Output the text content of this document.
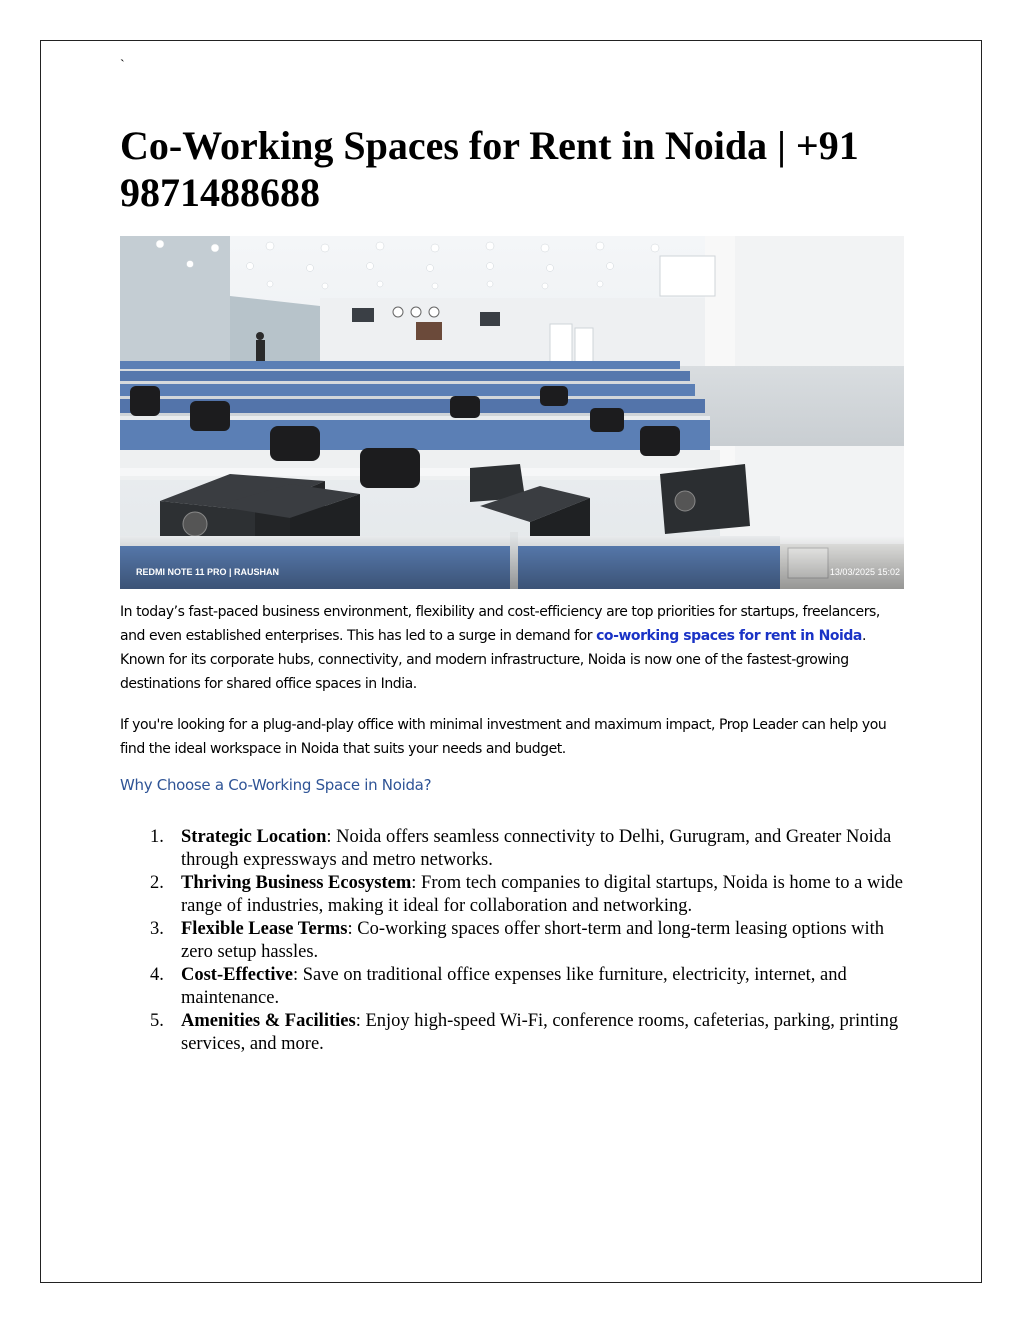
`
Co-Working Spaces for Rent in Noida | +91 9871488688
REDMI NOTE 11 PRO | RAUSHAN	13/03/2025 15:02

In today’s fast-paced business environment, flexibility and cost-efficiency are top priorities for startups, freelancers, and even established enterprises. This has led to a surge in demand for co-working spaces for rent in Noida. Known for its corporate hubs, connectivity, and modern infrastructure, Noida is now one of the fastest-growing destinations for shared office spaces in India.

If you're looking for a plug-and-play office with minimal investment and maximum impact, Prop Leader can help you find the ideal workspace in Noida that suits your needs and budget.

Why Choose a Co-Working Space in Noida?
1. Strategic Location: Noida offers seamless connectivity to Delhi, Gurugram, and Greater Noida through expressways and metro networks.
2. Thriving Business Ecosystem: From tech companies to digital startups, Noida is home to a wide range of industries, making it ideal for collaboration and networking.
3. Flexible Lease Terms: Co-working spaces offer short-term and long-term leasing options with zero setup hassles.
4. Cost-Effective: Save on traditional office expenses like furniture, electricity, internet, and maintenance.
5. Amenities & Facilities: Enjoy high-speed Wi-Fi, conference rooms, cafeterias, parking, printing services, and more.
